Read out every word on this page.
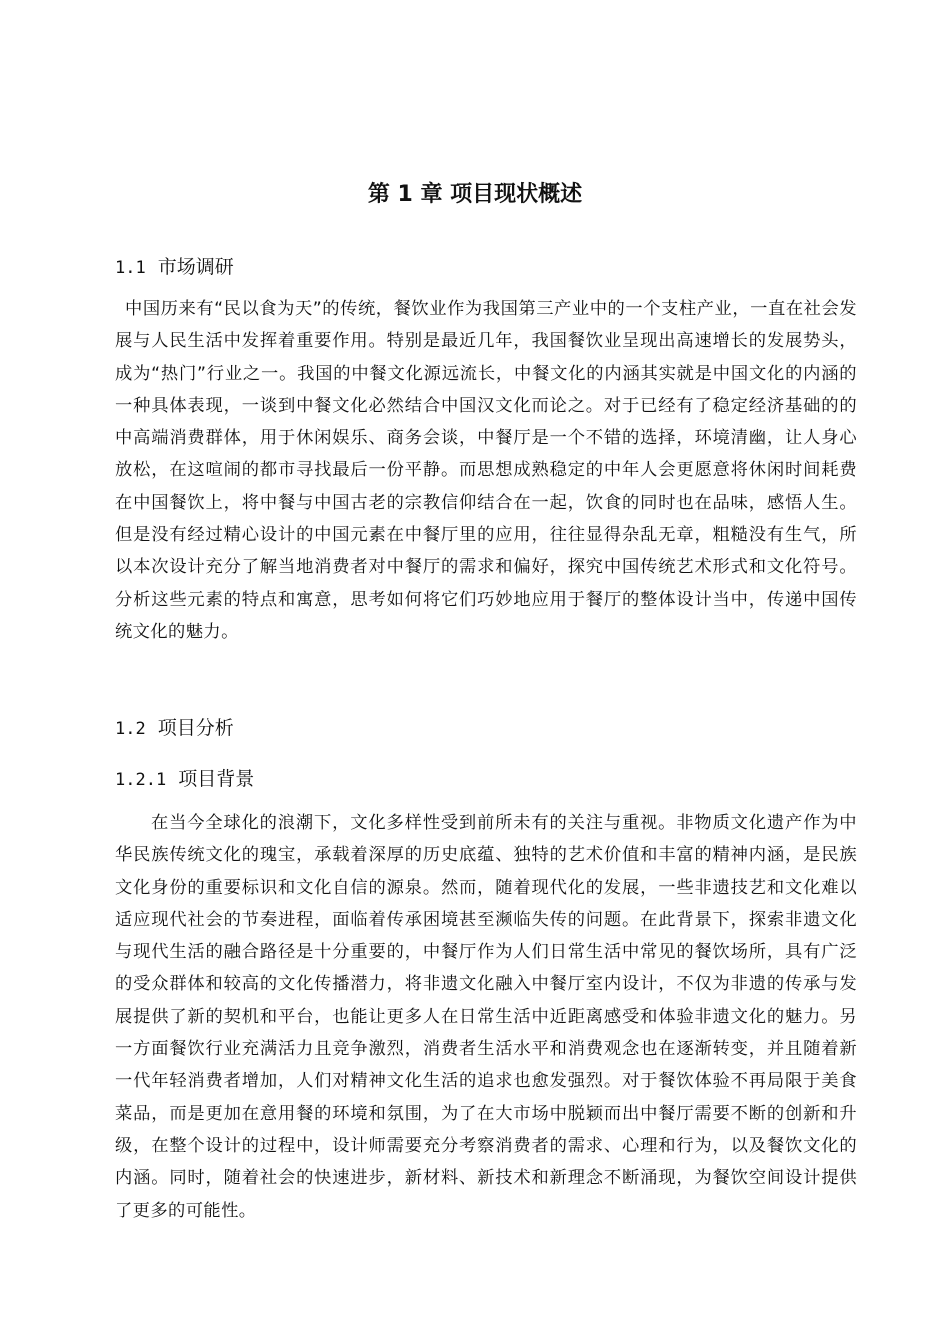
第 1 章 项目现状概述
1.1 市场调研

中国历来有“民以食为天”的传统，餐饮业作为我国第三产业中的一个支柱产业，一直在社会发展与人民生活中发挥着重要作用。特别是最近几年，我国餐饮业呈现出高速增长的发展势头，成为“热门”行业之一。我国的中餐文化源远流长，中餐文化的内涵其实就是中国文化的内涵的一种具体表现，一谈到中餐文化必然结合中国汉文化而论之。对于已经有了稳定经济基础的的中高端消费群体，用于休闲娱乐、商务会谈，中餐厅是一个不错的选择，环境清幽，让人身心放松，在这喧闹的都市寻找最后一份平静。而思想成熟稳定的中年人会更愿意将休闲时间耗费在中国餐饮上，将中餐与中国古老的宗教信仰结合在一起，饮食的同时也在品味，感悟人生。但是没有经过精心设计的中国元素在中餐厅里的应用，往往显得杂乱无章，粗糙没有生气，所以本次设计充分了解当地消费者对中餐厅的需求和偏好，探究中国传统艺术形式和文化符号。分析这些元素的特点和寓意，思考如何将它们巧妙地应用于餐厅的整体设计当中，传递中国传统文化的魅力。

1.2 项目分析
1.2.1 项目背景

在当今全球化的浪潮下，文化多样性受到前所未有的关注与重视。非物质文化遗产作为中华民族传统文化的瑰宝，承载着深厚的历史底蕴、独特的艺术价值和丰富的精神内涵，是民族文化身份的重要标识和文化自信的源泉。然而，随着现代化的发展，一些非遗技艺和文化难以适应现代社会的节奏进程，面临着传承困境甚至濒临失传的问题。在此背景下，探索非遗文化与现代生活的融合路径是十分重要的，中餐厅作为人们日常生活中常见的餐饮场所，具有广泛的受众群体和较高的文化传播潜力，将非遗文化融入中餐厅室内设计，不仅为非遗的传承与发展提供了新的契机和平台，也能让更多人在日常生活中近距离感受和体验非遗文化的魅力。另一方面餐饮行业充满活力且竞争激烈，消费者生活水平和消费观念也在逐渐转变，并且随着新一代年轻消费者增加，人们对精神文化生活的追求也愈发强烈。对于餐饮体验不再局限于美食菜品，而是更加在意用餐的环境和氛围，为了在大市场中脱颖而出中餐厅需要不断的创新和升级，在整个设计的过程中，设计师需要充分考察消费者的需求、心理和行为，以及餐饮文化的内涵。同时，随着社会的快速进步，新材料、新技术和新理念不断涌现，为餐饮空间设计提供了更多的可能性。
